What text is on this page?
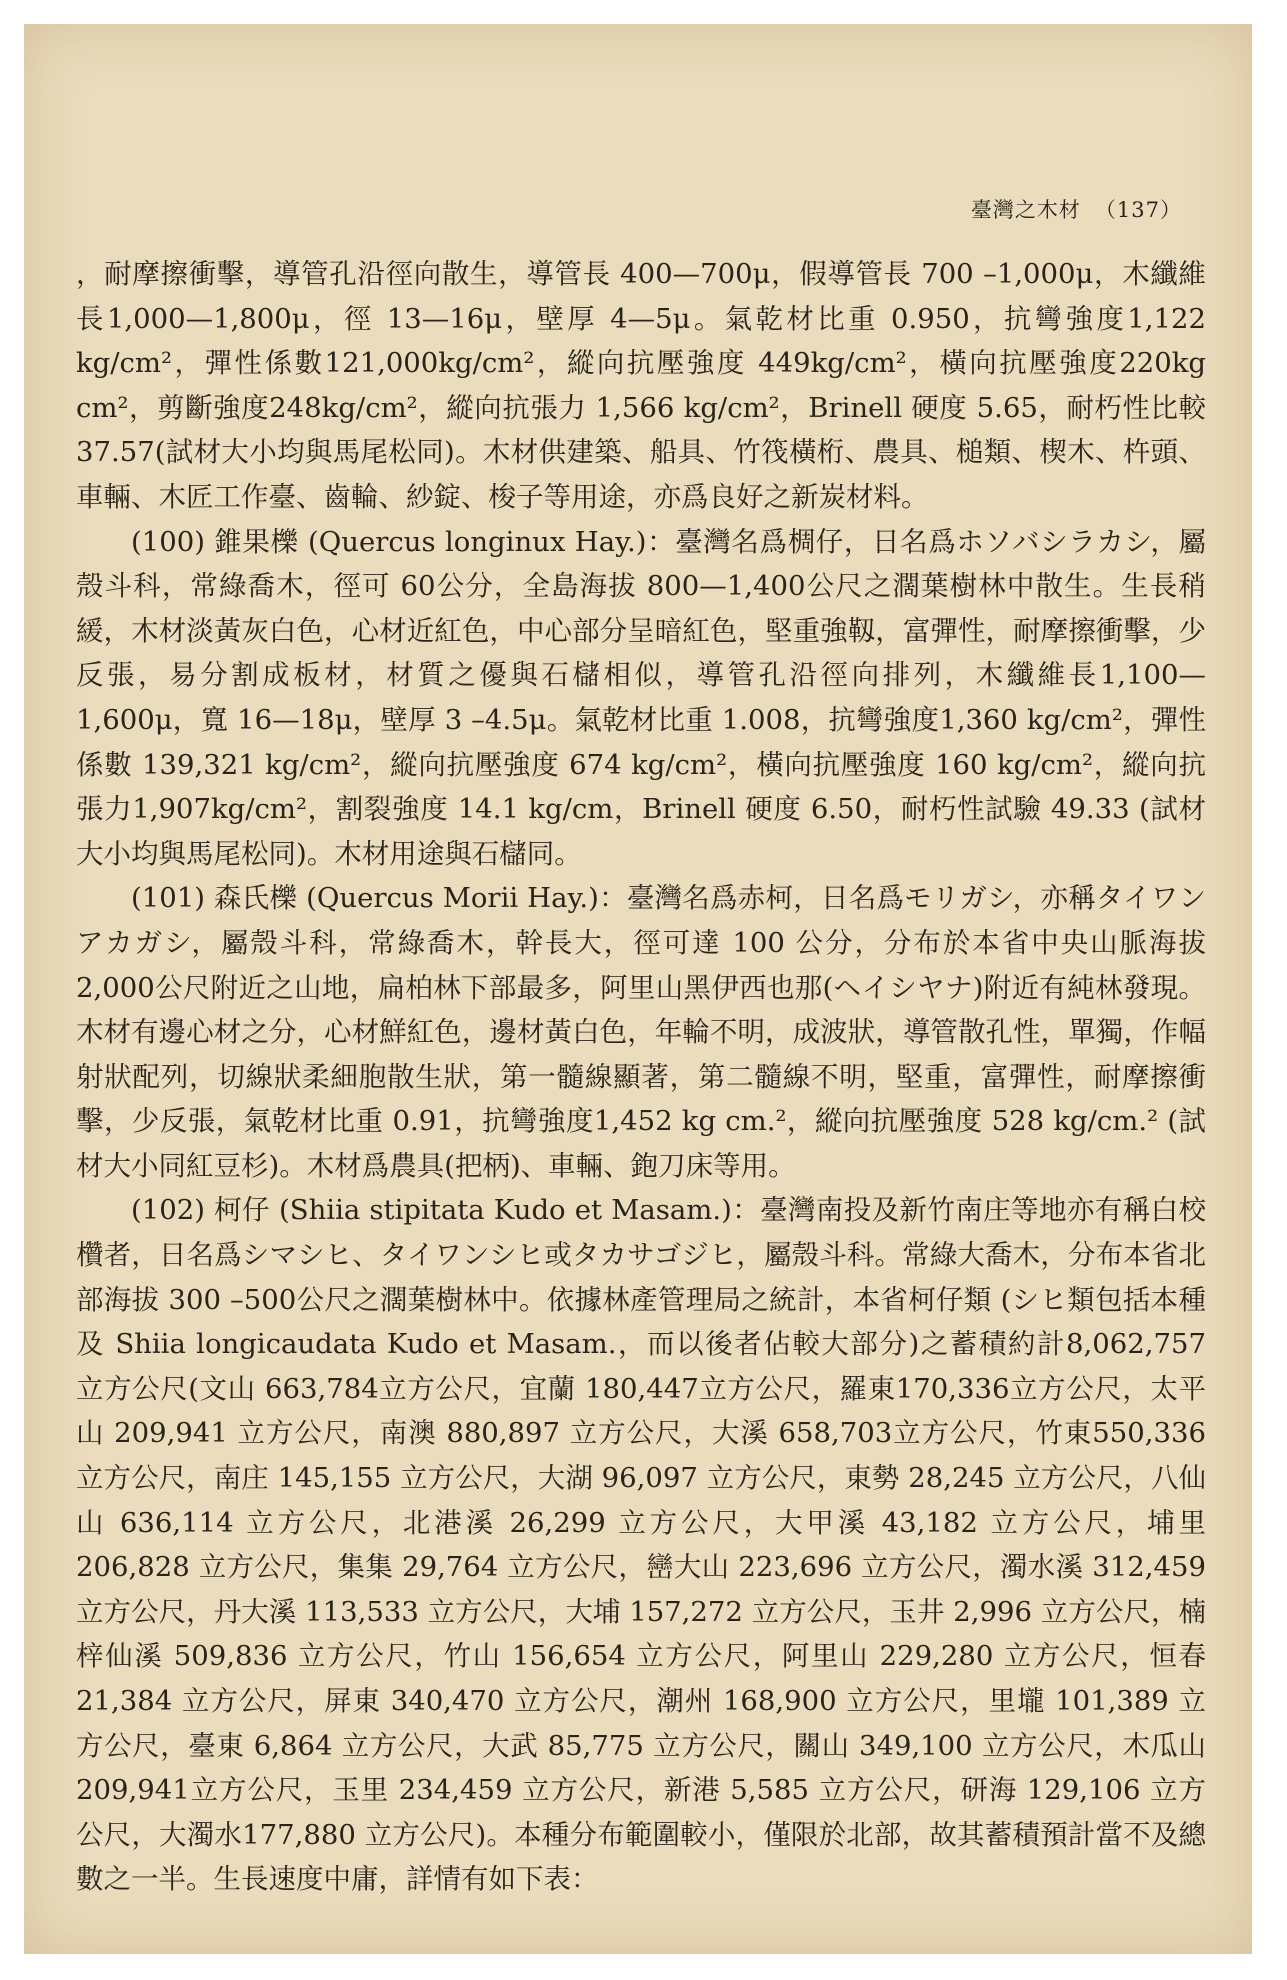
臺灣之木材 （137）

，耐摩擦衝擊，導管孔沿徑向散生，導管長 400—700μ，假導管長 700 –1,000μ，木纖維長1,000—1,800μ，徑 13—16μ，壁厚 4—5μ。氣乾材比重 0.950，抗彎強度1,122 kg/cm²，彈性係數121,000kg/cm²，縱向抗壓強度 449kg/cm²，橫向抗壓強度220kg cm²，剪斷強度248kg/cm²，縱向抗張力 1,566 kg/cm²，Brinell 硬度 5.65，耐朽性比較 37.57(試材大小均與馬尾松同)。木材供建築、船具、竹筏橫桁、農具、槌類、楔木、杵頭、車輛、木匠工作臺、齒輪、紗錠、梭子等用途，亦爲良好之新炭材料。

(100) 錐果櫟 (Quercus longinux Hay.)：臺灣名爲椆仔，日名爲ホソバシラカシ，屬殼斗科，常綠喬木，徑可 60公分，全島海拔 800—1,400公尺之濶葉樹林中散生。生長稍緩，木材淡黃灰白色，心材近紅色，中心部分呈暗紅色，堅重強靱，富彈性，耐摩擦衝擊，少反張，易分割成板材，材質之優與石櫧相似，導管孔沿徑向排列，木纖維長1,100—1,600μ，寬 16—18μ，壁厚 3 –4.5μ。氣乾材比重 1.008，抗彎強度1,360 kg/cm²，彈性係數 139,321 kg/cm²，縱向抗壓強度 674 kg/cm²，橫向抗壓強度 160 kg/cm²，縱向抗張力1,907kg/cm²，割裂強度 14.1 kg/cm，Brinell 硬度 6.50，耐朽性試驗 49.33 (試材大小均與馬尾松同)。木材用途與石櫧同。

(101) 森氏櫟 (Quercus Morii Hay.)：臺灣名爲赤柯，日名爲モリガシ，亦稱タイワンアカガシ，屬殼斗科，常綠喬木，幹長大，徑可達 100 公分，分布於本省中央山脈海拔2,000公尺附近之山地，扁柏林下部最多，阿里山黑伊西也那(ヘイシヤナ)附近有純林發現。木材有邊心材之分，心材鮮紅色，邊材黃白色，年輪不明，成波狀，導管散孔性，單獨，作幅射狀配列，切線狀柔細胞散生狀，第一髓線顯著，第二髓線不明，堅重，富彈性，耐摩擦衝擊，少反張，氣乾材比重 0.91，抗彎強度1,452 kg cm.²，縱向抗壓強度 528 kg/cm.² (試材大小同紅豆杉)。木材爲農具(把柄)、車輛、鉋刀床等用。

(102) 柯仔 (Shiia stipitata Kudo et Masam.)：臺灣南投及新竹南庄等地亦有稱白校欑者，日名爲シマシヒ、タイワンシヒ或タカサゴジヒ，屬殼斗科。常綠大喬木，分布本省北部海拔 300 –500公尺之濶葉樹林中。依據林產管理局之統計，本省柯仔類 (シヒ類包括本種及 Shiia longicaudata Kudo et Masam.，而以後者佔較大部分)之蓄積約計8,062,757 立方公尺(文山 663,784立方公尺，宜蘭 180,447立方公尺，羅東170,336立方公尺，太平山 209,941 立方公尺，南澳 880,897 立方公尺，大溪 658,703立方公尺，竹東550,336 立方公尺，南庄 145,155 立方公尺，大湖 96,097 立方公尺，東勢 28,245 立方公尺，八仙山 636,114 立方公尺，北港溪 26,299 立方公尺，大甲溪 43,182 立方公尺，埔里206,828 立方公尺，集集 29,764 立方公尺，巒大山 223,696 立方公尺，濁水溪 312,459 立方公尺，丹大溪 113,533 立方公尺，大埔 157,272 立方公尺，玉井 2,996 立方公尺，楠梓仙溪 509,836 立方公尺，竹山 156,654 立方公尺，阿里山 229,280 立方公尺，恒春 21,384 立方公尺，屏東 340,470 立方公尺，潮州 168,900 立方公尺，里壠 101,389 立方公尺，臺東 6,864 立方公尺，大武 85,775 立方公尺，關山 349,100 立方公尺，木瓜山 209,941立方公尺，玉里 234,459 立方公尺，新港 5,585 立方公尺，研海 129,106 立方公尺，大濁水177,880 立方公尺)。本種分布範圍較小，僅限於北部，故其蓄積預計當不及總數之一半。生長速度中庸，詳情有如下表：
